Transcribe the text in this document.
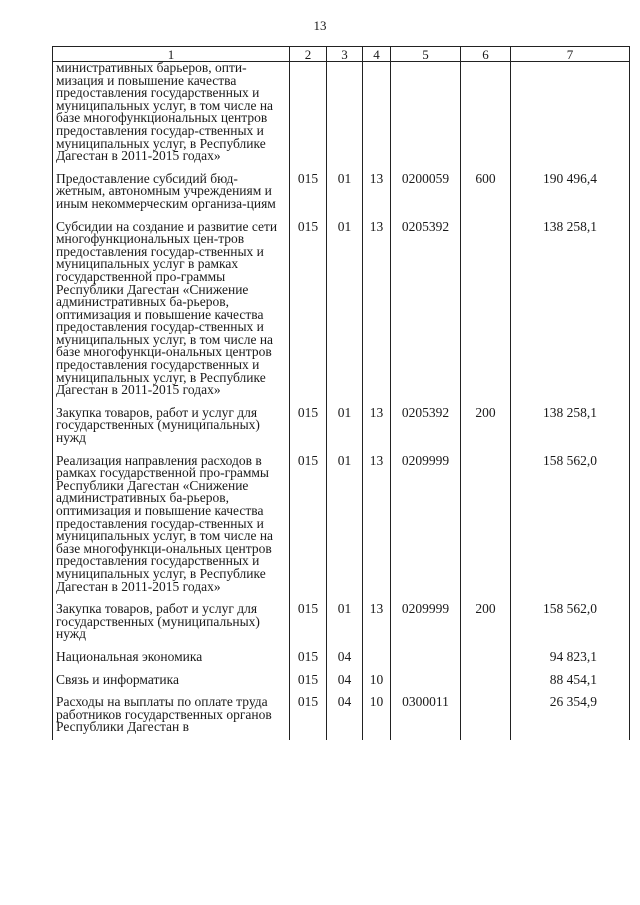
13
1	2	3	4	5	6	7
министративных барьеров, опти-мизация и повышение качества предоставления государственных и муниципальных услуг, в том числе на базе многофункциональных центров предоставления государ-ственных и муниципальных услуг, в Республике Дагестан в 2011-2015 годах»						

Предоставление субсидий бюд-жетным, автономным учреждениям и иным некоммерческим организа-циям	015	01	13	0200059	600	190 496,4

Субсидии на создание и развитие сети многофункциональных цен-тров предоставления государ-ственных и муниципальных услуг в рамках государственной про-граммы Республики Дагестан «Снижение административных ба-рьеров, оптимизация и повышение качества предоставления государ-ственных и муниципальных услуг, в том числе на базе многофункци-ональных центров предоставления государственных и муниципальных услуг, в Республике Дагестан в 2011-2015 годах»	015	01	13	0205392		138 258,1

Закупка товаров, работ и услуг для государственных (муниципальных) нужд	015	01	13	0205392	200	138 258,1

Реализация направления расходов в рамках государственной про-граммы Республики Дагестан «Снижение административных ба-рьеров, оптимизация и повышение качества предоставления государ-ственных и муниципальных услуг, в том числе на базе многофункци-ональных центров предоставления государственных и муниципальных услуг, в Республике Дагестан в 2011-2015 годах»	015	01	13	0209999		158 562,0

Закупка товаров, работ и услуг для государственных (муниципальных) нужд	015	01	13	0209999	200	158 562,0

Национальная экономика	015	04				94 823,1

Связь и информатика	015	04	10			88 454,1

Расходы на выплаты по оплате труда работников государственных органов Республики Дагестан в	015	04	10	0300011		26 354,9
